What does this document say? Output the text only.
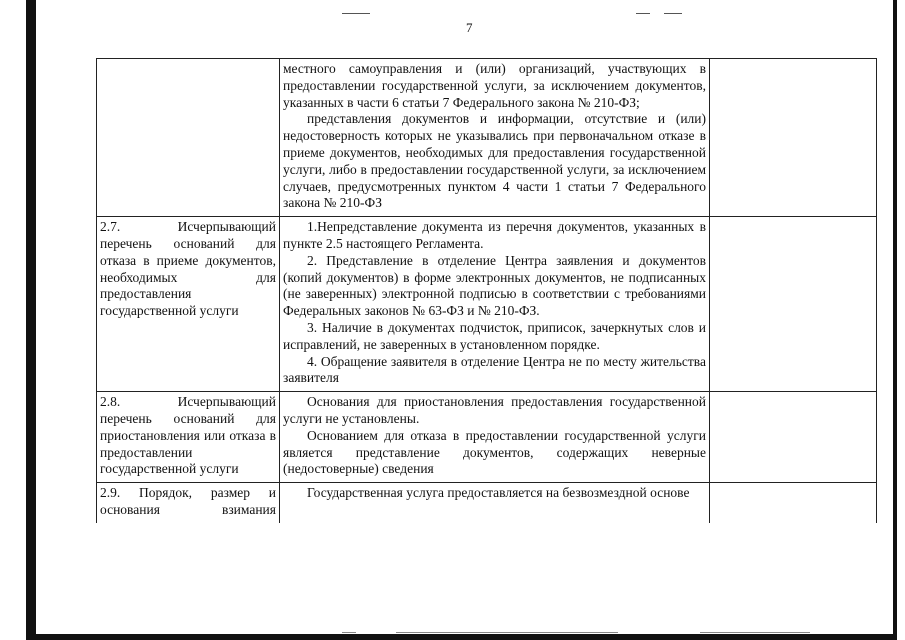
7

	местного самоуправления и (или) организаций, участвующих в предоставлении государственной услуги, за исключением документов, указанных в части 6 статьи 7 Федерального закона № 210-ФЗ;
представления документов и информации, отсутствие и (или) недостоверность которых не указывались при первоначальном отказе в приеме документов, необходимых для предоставления государственной услуги, либо в предоставлении государственной услуги, за исключением случаев, предусмотренных пунктом 4 части 1 статьи 7 Федерального закона № 210-ФЗ	

2.7. Исчерпывающий перечень оснований для отказа в приеме документов, необходимых для предоставления государственной услуги	1.Непредставление документа из перечня документов, указанных в пункте 2.5 настоящего Регламента.
2. Представление в отделение Центра заявления и документов (копий документов) в форме электронных документов, не подписанных (не заверенных) электронной подписью в соответствии с требованиями Федеральных законов № 63-ФЗ и № 210-ФЗ.
3. Наличие в документах подчисток, приписок, зачеркнутых слов и исправлений, не заверенных в установленном порядке.
4. Обращение заявителя в отделение Центра не по месту жительства заявителя	

2.8. Исчерпывающий перечень оснований для приостановления или отказа в предоставлении государственной услуги	Основания для приостановления предоставления государственной услуги не установлены.
Основанием для отказа в предоставлении государственной услуги является представление документов, содержащих неверные (недостоверные) сведения	

2.9. Порядок, размер и основания взимания	Государственная услуга предоставляется на безвозмездной основе	
